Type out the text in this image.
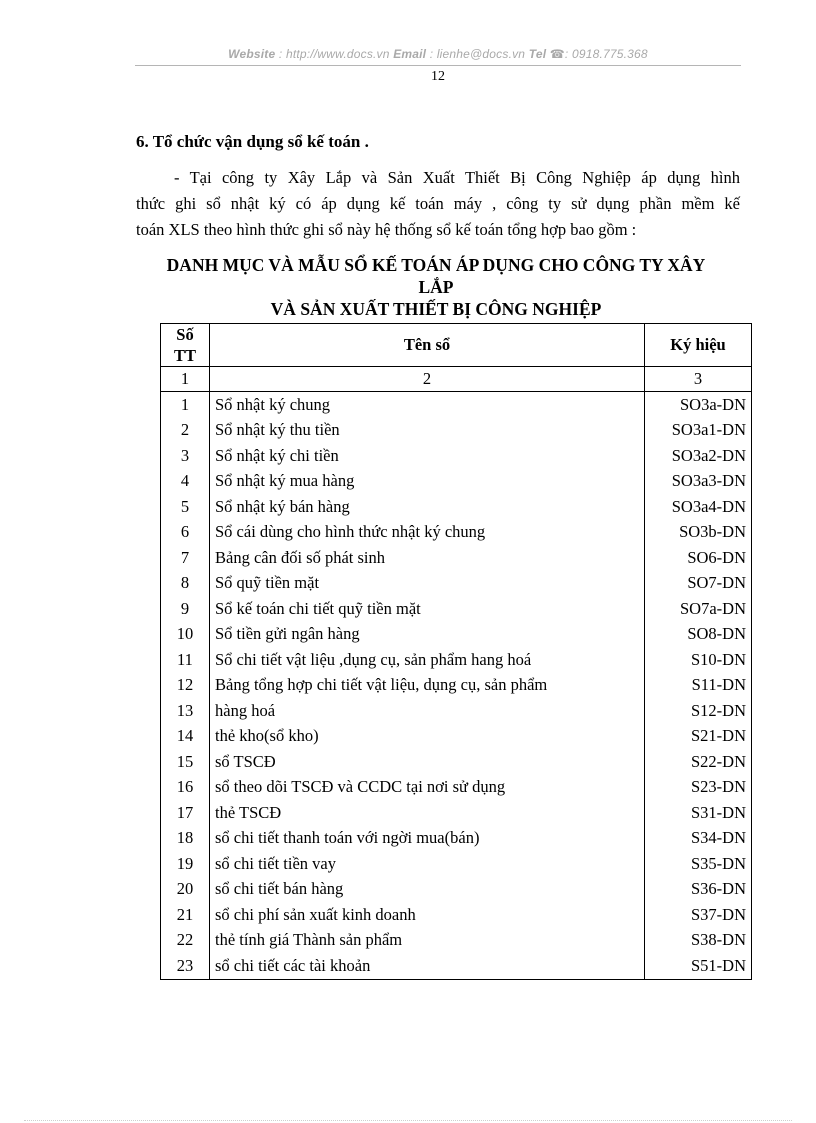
Website : http://www.docs.vn Email : lienhe@docs.vn Tel ☎: 0918.775.368
12
6. Tổ chức vận dụng sổ kế toán .
- Tại công ty Xây Lắp và Sản Xuất Thiết Bị Công Nghiệp áp dụng hình
thức ghi sổ nhật ký có áp dụng kế toán máy , công ty sử dụng phần mềm kế
toán XLS theo hình thức ghi sổ này hệ thống sổ kế toán tổng hợp bao gồm :
DANH MỤC VÀ MẪU SỔ KẾ TOÁN ÁP DỤNG CHO CÔNG TY XÂY
LẮP
VÀ SẢN XUẤT THIẾT BỊ CÔNG NGHIỆP
Số
TT	Tên sổ	Ký hiệu
1	2	3
1	Sổ nhật ký chung	SO3a-DN
2	Sổ nhật ký thu tiền	SO3a1-DN
3	Sổ nhật ký chi tiền	SO3a2-DN
4	Sổ nhật ký mua hàng	SO3a3-DN
5	Sổ nhật ký bán hàng	SO3a4-DN
6	Sổ cái dùng cho hình thức nhật ký chung	SO3b-DN
7	Bảng cân đối số phát sinh	SO6-DN
8	Sổ quỹ tiền mặt	SO7-DN
9	Sổ kế toán chi tiết quỹ tiền mặt	SO7a-DN
10	Sổ tiền gửi ngân hàng	SO8-DN
11	Sổ chi tiết vật liệu ,dụng cụ, sản phẩm hang hoá	S10-DN
12	Bảng tổng hợp chi tiết vật liệu, dụng cụ, sản phẩm	S11-DN
13	hàng hoá	S12-DN
14	thẻ kho(sổ kho)	S21-DN
15	sổ TSCĐ	S22-DN
16	sổ theo dõi TSCĐ và CCDC tại nơi sử dụng	S23-DN
17	thẻ TSCĐ	S31-DN
18	sổ chi tiết thanh toán với ngời mua(bán)	S34-DN
19	sổ chi tiết tiền vay	S35-DN
20	sổ chi tiết bán hàng	S36-DN
21	sổ chi phí sản xuất kinh doanh	S37-DN
22	thẻ tính giá Thành sản phẩm	S38-DN
23	sổ chi tiết các tài khoản	S51-DN
